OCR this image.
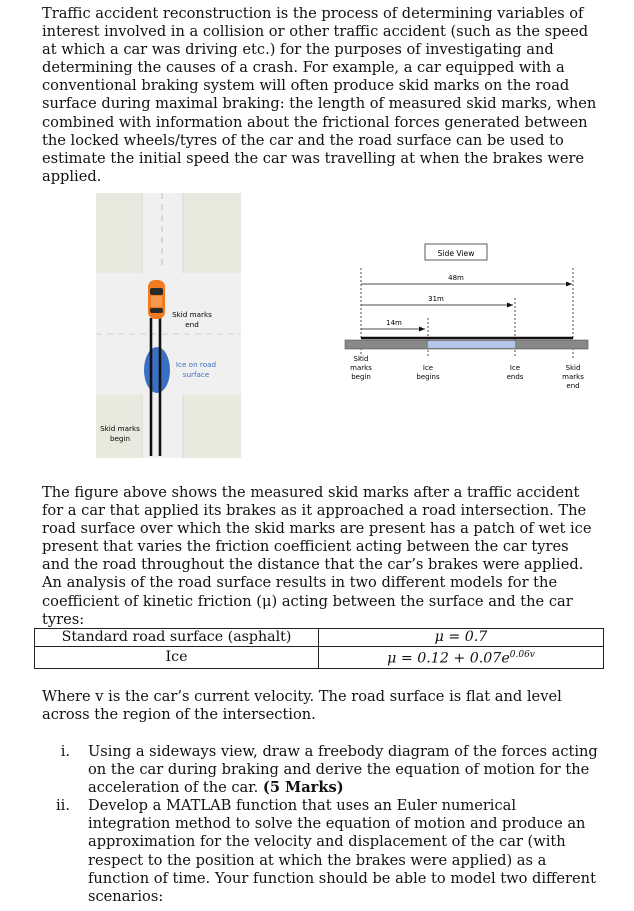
Traffic accident reconstruction is the process of determining variables of interest involved in a collision or other traffic accident (such as the speed at which a car was driving etc.) for the purposes of investigating and determining the causes of a crash. For example, a car equipped with a conventional braking system will often produce skid marks on the road surface during maximal braking: the length of measured skid marks, when combined with information about the frictional forces generated between the locked wheels/tyres of the car and the road surface can be used to estimate the initial speed the car was travelling at when the brakes were applied.

Skid marks
end
Ice on road
surface
Skid marks
begin
Side View
48m
31m
14m
Skid
marks
begin
Ice
begins
Ice
ends
Skid
marks
end

The figure above shows the measured skid marks after a traffic accident for a car that applied its brakes as it approached a road intersection. The road surface over which the skid marks are present has a patch of wet ice present that varies the friction coefficient acting between the car tyres and the road throughout the distance that the car’s brakes were applied. An analysis of the road surface results in two different models for the coefficient of kinetic friction (μ) acting between the surface and the car tyres:

Standard road surface (asphalt)	μ = 0.7
Ice	$\mu = 0.12 + 0.07e^{0.06v}$

Where v is the car’s current velocity. The road surface is flat and level across the region of the intersection.

i. Using a sideways view, draw a freebody diagram of the forces acting on the car during braking and derive the equation of motion for the acceleration of the car. (5 Marks)
ii. Develop a MATLAB function that uses an Euler numerical integration method to solve the equation of motion and produce an approximation for the velocity and displacement of the car (with respect to the position at which the brakes were applied) as a function of time. Your function should be able to model two different scenarios:
